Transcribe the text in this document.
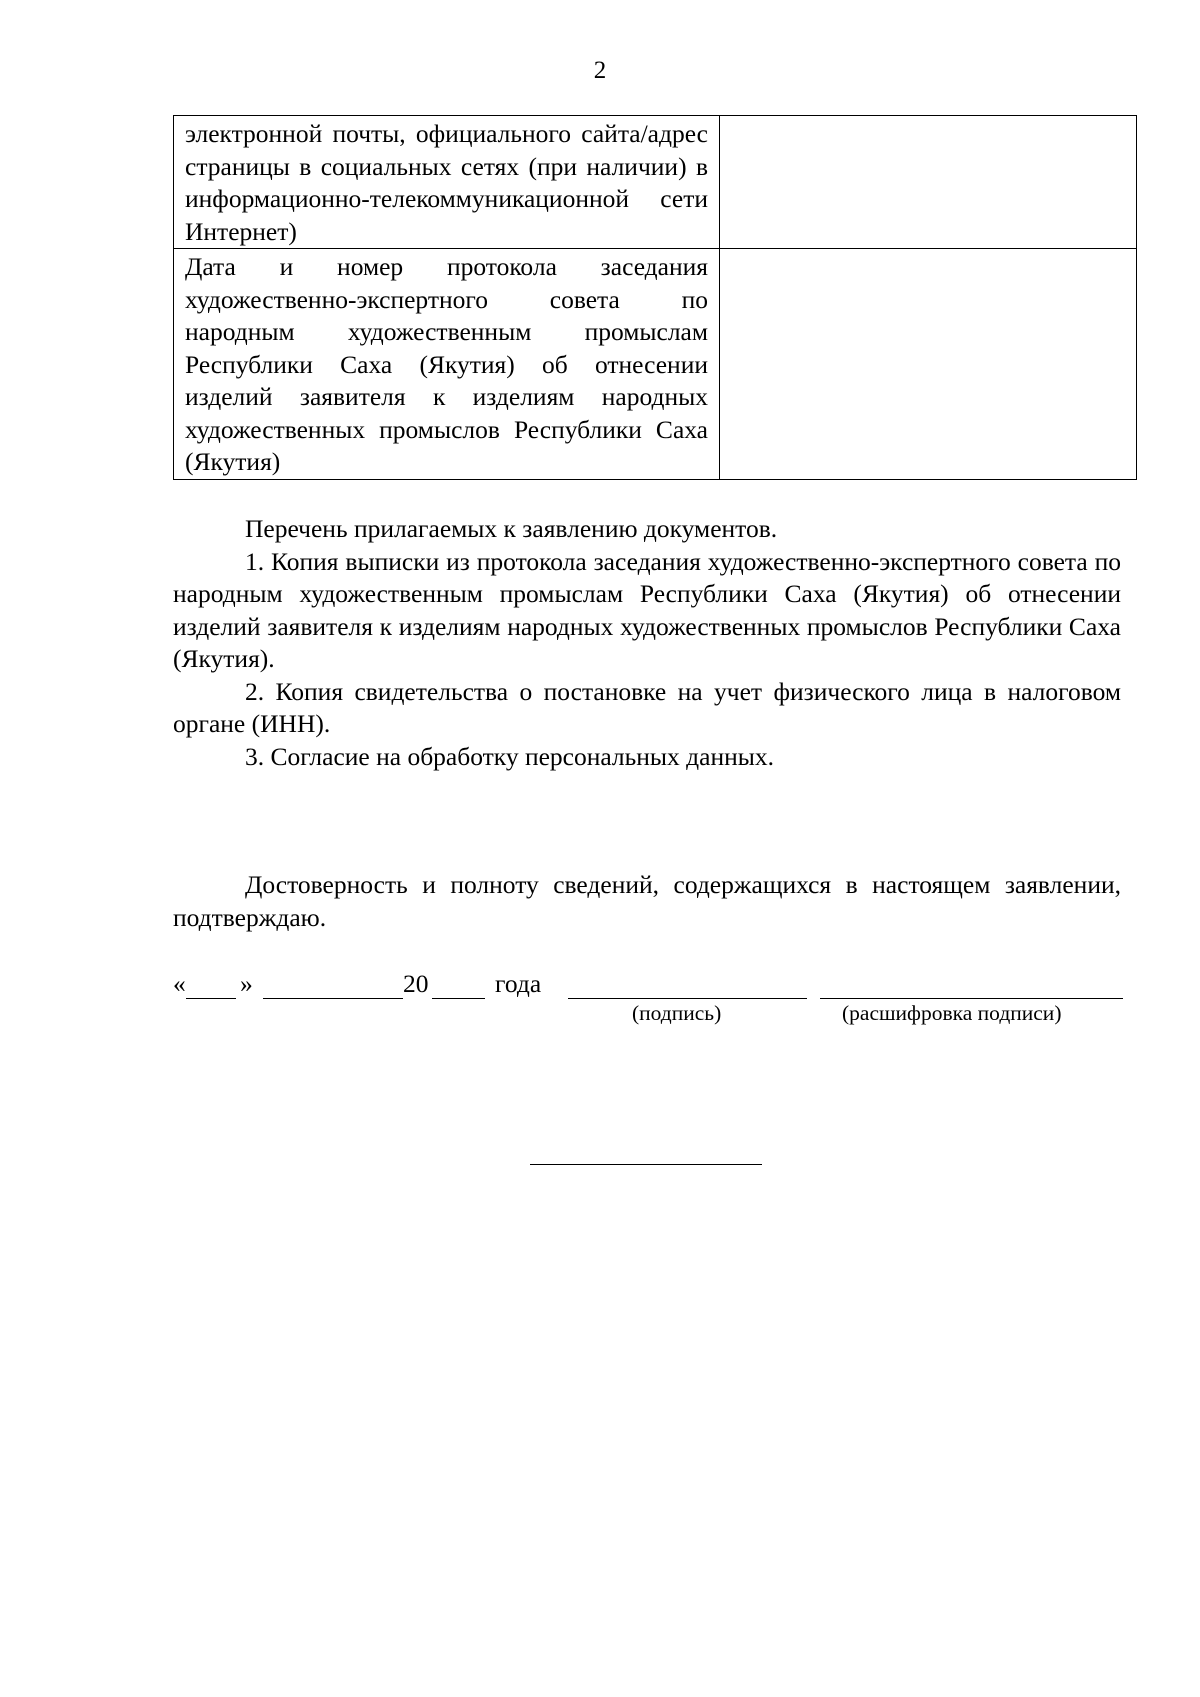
2
электронной почты, официального сайта/адрес страницы в социальных сетях (при наличии) в информационно-телекоммуникационной сети Интернет)	
Дата и номер протокола заседания художественно-экспертного совета по народным художественным промыслам Республики Саха (Якутия) об отнесении изделий заявителя к изделиям народных художественных промыслов Республики Саха (Якутия)	

Перечень прилагаемых к заявлению документов.

1. Копия выписки из протокола заседания художественно-экспертного совета по народным художественным промыслам Республики Саха (Якутия) об отнесении изделий заявителя к изделиям народных художественных промыслов Республики Саха (Якутия).

2. Копия свидетельства о постановке на учет физического лица в налоговом органе (ИНН).

3. Согласие на обработку персональных данных.

Достоверность и полноту сведений, содержащихся в настоящем заявлении, подтверждаю.

« »	20	года
(подпись)	(расшифровка подписи)
